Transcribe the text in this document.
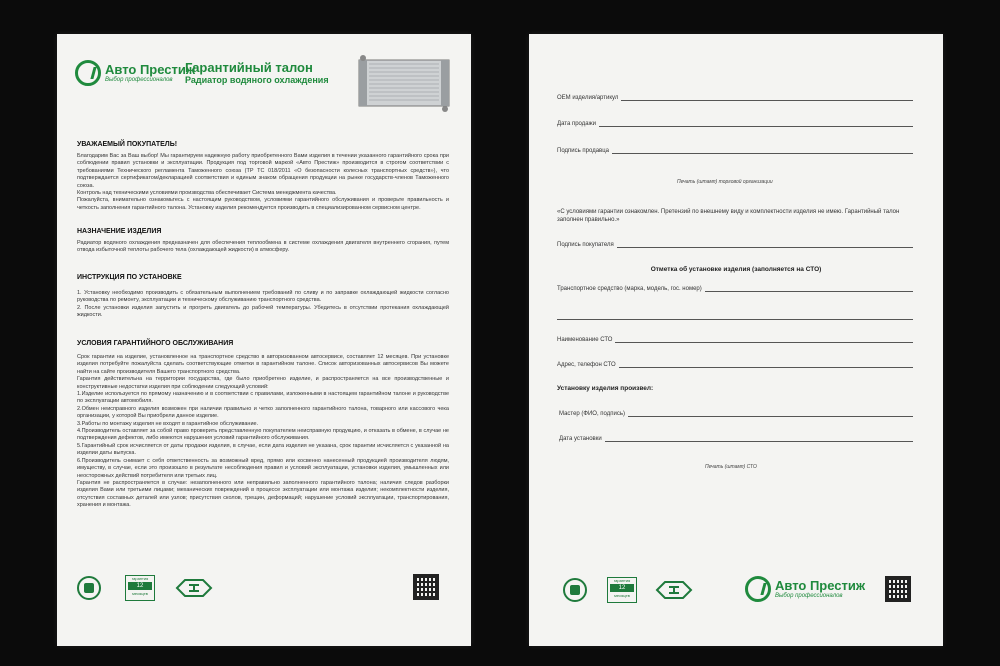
Авто Престиж
Выбор профессионалов
Гарантийный талон
Радиатор водяного охлаждения
УВАЖАЕМЫЙ ПОКУПАТЕЛЬ!

Благодарим Вас за Ваш выбор! Мы гарантируем надежную работу приобретенного Вами изделия в течении указанного гарантийного срока при соблюдении правил установки и эксплуатации. Продукция под торговой маркой «Авто Престиж» производится в строгом соответствии с требованиями Технического регламента Таможенного союза (ТР ТС 018/2011 «О безопасности колесных транспортных средств»), что подтверждается сертификатом/декларацией соответствия и единым знаком обращения продукции на рынке государств-членов Таможенного союза.
Контроль над техническими условиями производства обеспечивает Система менеджмента качества.
Пожалуйста, внимательно ознакомьтесь с настоящим руководством, условиями гарантийного обслуживания и проверьте правильность и четкость заполнения гарантийного талона. Установку изделия рекомендуется производить в специализированном сервисном центре.

НАЗНАЧЕНИЕ ИЗДЕЛИЯ

Радиатор водяного охлаждения предназначен для обеспечения теплообмена в системе охлаждения двигателя внутреннего сгорания, путем отвода избыточной теплоты рабочего тела (охлаждающей жидкости) в атмосферу.

ИНСТРУКЦИЯ ПО УСТАНОВКЕ

1. Установку необходимо производить с обязательным выполнением требований по сливу и по заправке охлаждающей жидкости согласно руководства по ремонту, эксплуатации и техническому обслуживанию транспортного средства.
2. После установки изделия запустить и прогреть двигатель до рабочей температуры. Убедитесь в отсутствии протекания охлаждающей жидкости.

УСЛОВИЯ ГАРАНТИЙНОГО ОБСЛУЖИВАНИЯ

Срок гарантии на изделие, установленное на транспортное средство в авторизованном автосервисе, составляет 12 месяцев. При установке изделия потребуйте пожалуйста сделать соответствующие отметки в гарантийном талоне. Список авторизованных автосервисов Вы можете найти на сайте производителя Вашего транспортного средства.
Гарантия действительна на территории государства, где было приобретено изделие, и распространяется на все производственные и конструктивные недостатки изделия при соблюдении следующий условий:
1.Изделие используется по прямому назначению и в соответствии с правилами, изложенными в настоящем гарантийном талоне и руководстве по эксплуатации автомобиля.
2.Обмен неисправного изделия возможен при наличии правильно и четко заполненного гарантийного талона, товарного или кассового чека организации, у которой Вы приобрели данное изделие.
3.Работы по монтажу изделия не входят в гарантийное обслуживание.
4.Производитель оставляет за собой право проверить представленную покупателем неисправную продукцию, и отказать в обмене, в случае не подтверждения дефектов, либо имеются нарушения условий гарантийного обслуживания.
5.Гарантийный срок исчисляется от даты продажи изделия, в случае, если дата изделия не указана, срок гарантии исчисляется с указанной на изделии даты выпуска.
6.Производитель снимает с себя ответственность за возможный вред, прямо или косвенно нанесенный продукцией производителя людям, имуществу, в случае, если это произошло в результате несоблюдения правил и условий эксплуатации, установки изделия, умышленных или неосторожных действий потребителя или третьих лиц.
Гарантия не распространяется в случае: незаполненного или неправильно заполненного гарантийного талона; наличия следов разборки изделия Вами или третьими лицами; механических повреждений в процессе эксплуатации или монтажа изделия; некомплектности изделия, отсутствия составных деталей или узлов; присутствия сколов, трещин, деформаций; нарушение условий эксплуатации, транспортирования, хранения и монтажа.

гарантия
12
месяцев
OEM изделия/артикул
Дата продажи
Подпись продавца
Печать (штамп) торговой организации

«С условиями гарантии ознакомлен. Претензий по внешнему виду и комплектности изделия не имею. Гарантийный талон заполнен правильно.»

Подпись покупателя
Отметка об установке изделия (заполняется на СТО)
Транспортное средство (марка, модель, гос. номер)
Наименование СТО
Адрес, телефон СТО
Установку изделия произвел:
Мастер (ФИО, подпись)
Дата установки
Печать (штамп) СТО
гарантия
12
месяцев
Авто Престиж
Выбор профессионалов
